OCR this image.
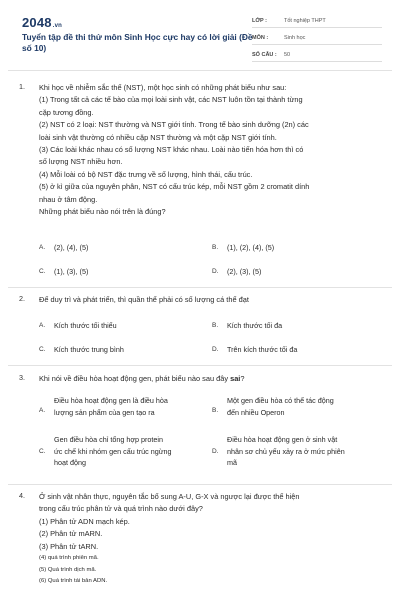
2048.vn
Tuyển tập đề thi thử môn Sinh Học cực hay có lời giải (Đề số 10)
LỚP :	Tốt nghiệp THPT
MÔN :	Sinh học
SỐ CÂU :	50
1. Khi học về nhiễm sắc thể (NST), một học sinh có những phát biểu như sau:
(1) Trong tất cả các tế bào của mọi loài sinh vật, các NST luôn tồn tại thành từng
cặp tương đồng.
(2) NST có 2 loại: NST thường và NST giới tính. Trong tế bào sinh dưỡng (2n) các
loài sinh vật thường có nhiều cặp NST thường và một cặp NST giới tính.
(3) Các loài khác nhau có số lượng NST khác nhau. Loài nào tiến hóa hơn thì có
số lượng NST nhiều hơn.
(4) Mỗi loài có bộ NST đặc trưng về số lượng, hình thái, cấu trúc.
(5) ở kì giữa của nguyên phân, NST có cấu trúc kép, mỗi NST gồm 2 cromatit dính
nhau ở tâm động.
Những phát biểu nào nói trên là đúng?
A. (2), (4), (5)	B. (1), (2), (4), (5)
C. (1), (3), (5)	D. (2), (3), (5)
2. Để duy trì và phát triển, thì quần thể phải có số lượng cá thể đạt
A. Kích thước tối thiểu	B. Kích thước tối đa
C. Kích thước trung bình	D. Trên kích thước tối đa
3. Khi nói về điều hòa hoạt động gen, phát biểu nào sau đây sai?
A.
Điều hòa hoạt động gen là điều hòa
lượng sản phẩm của gen tạo ra	B.
Một gen điều hòa có thể tác động
đến nhiều Operon
C.
Gen điều hòa chỉ tổng hợp protein
ức chế khi nhóm gen cấu trúc ngừng
hoạt động
D.
Điều hòa hoạt động gen ở sinh vật
nhân sơ chủ yếu xảy ra ở mức phiên
mã
4. Ở sinh vật nhân thực, nguyên tắc bổ sung A-U, G-X và ngược lại được thể hiện
trong cấu trúc phân tử và quá trình nào dưới đây?
(1) Phân tử ADN mạch kép.
(2) Phân tử mARN.
(3) Phân tử tARN.
(4) quá trình phiên mã.
(5) Quá trình dịch mã.
(6) Quá trình tái bản ADN.
